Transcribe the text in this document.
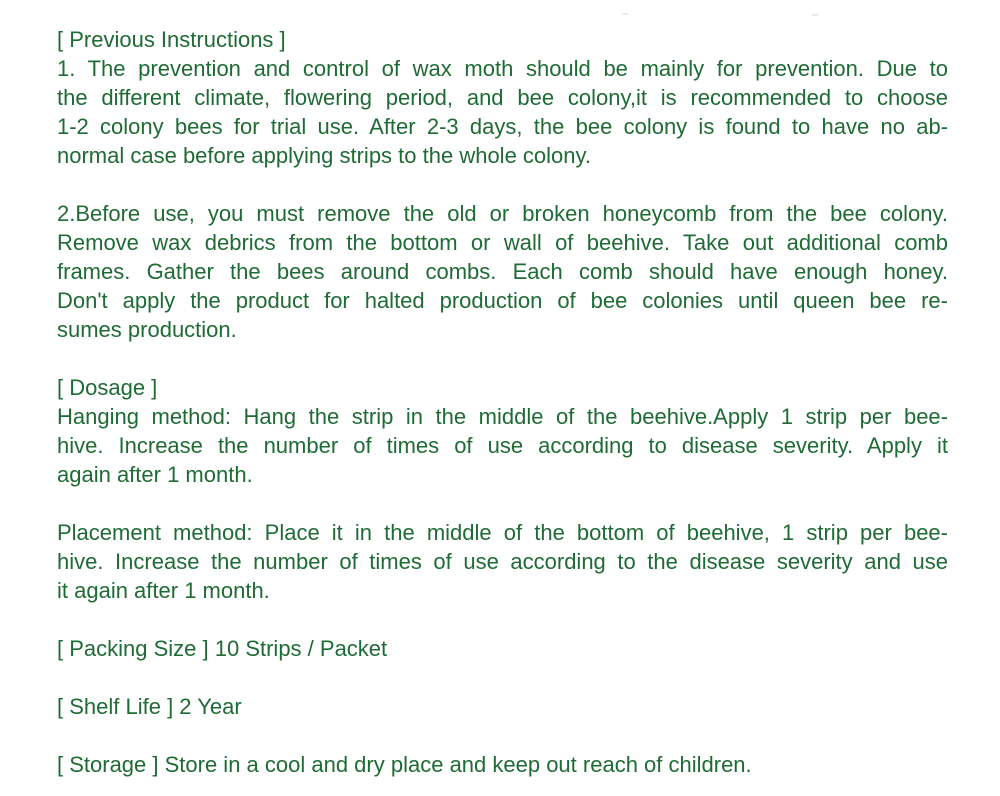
[ Previous Instructions ]
1. The prevention and control of wax moth should be mainly for prevention. Due to
the different climate, flowering period, and bee colony,it is recommended to choose
1-2 colony bees for trial use. After 2-3 days, the bee colony is found to have no ab-
normal case before applying strips to the whole colony.
2.Before use, you must remove the old or broken honeycomb from the bee colony.
Remove wax debrics from the bottom or wall of beehive. Take out additional comb
frames. Gather the bees around combs. Each comb should have enough honey.
Don't apply the product for halted production of bee colonies until queen bee re-
sumes production.
[ Dosage ]
Hanging method: Hang the strip in the middle of the beehive.Apply 1 strip per bee-
hive. Increase the number of times of use according to disease severity. Apply it
again after 1 month.
Placement method: Place it in the middle of the bottom of beehive, 1 strip per bee-
hive. Increase the number of times of use according to the disease severity and use
it again after 1 month.
[ Packing Size ] 10 Strips / Packet
[ Shelf Life ] 2 Year
[ Storage ] Store in a cool and dry place and keep out reach of children.
